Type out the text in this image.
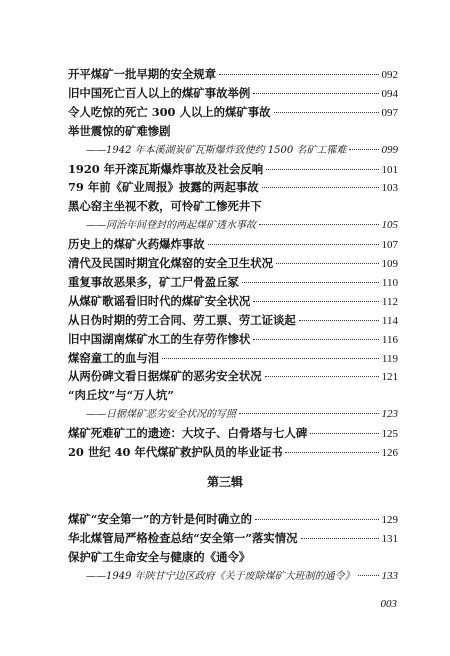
开平煤矿一批早期的安全规章	092
旧中国死亡百人以上的煤矿事故举例	094
令人吃惊的死亡 300 人以上的煤矿事故	097
举世震惊的矿难惨剧
——1942 年本溪湖炭矿瓦斯爆炸致使约 1500 名矿工罹难	099
1920 年开滦瓦斯爆炸事故及社会反响	101
79 年前《矿业周报》披露的两起事故	103
黑心窑主坐视不救，可怜矿工惨死井下
——同治年间登封的两起煤矿透水事故	105
历史上的煤矿火药爆炸事故	107
清代及民国时期宜化煤窑的安全卫生状况	109
重复事故恶果多，矿工尸骨盈丘冢	110
从煤矿歌谣看旧时代的煤矿安全状况	112
从日伪时期的劳工合同、劳工票、劳工证谈起	114
旧中国湖南煤矿水工的生存劳作惨状	116
煤窑童工的血与泪	119
从两份碑文看日据煤矿的恶劣安全状况	121
“肉丘坟”与“万人坑”
——日据煤矿恶劣安全状况的写照	123
煤矿死难矿工的遗迹：大坟子、白骨塔与七人碑	125
20 世纪 40 年代煤矿救护队员的毕业证书	126
第三辑
煤矿“安全第一”的方针是何时确立的	129
华北煤管局严格检查总结“安全第一”落实情况	131
保护矿工生命安全与健康的《通令》
——1949 年陕甘宁边区政府《关于废除煤矿大班制的通令》 133
003
